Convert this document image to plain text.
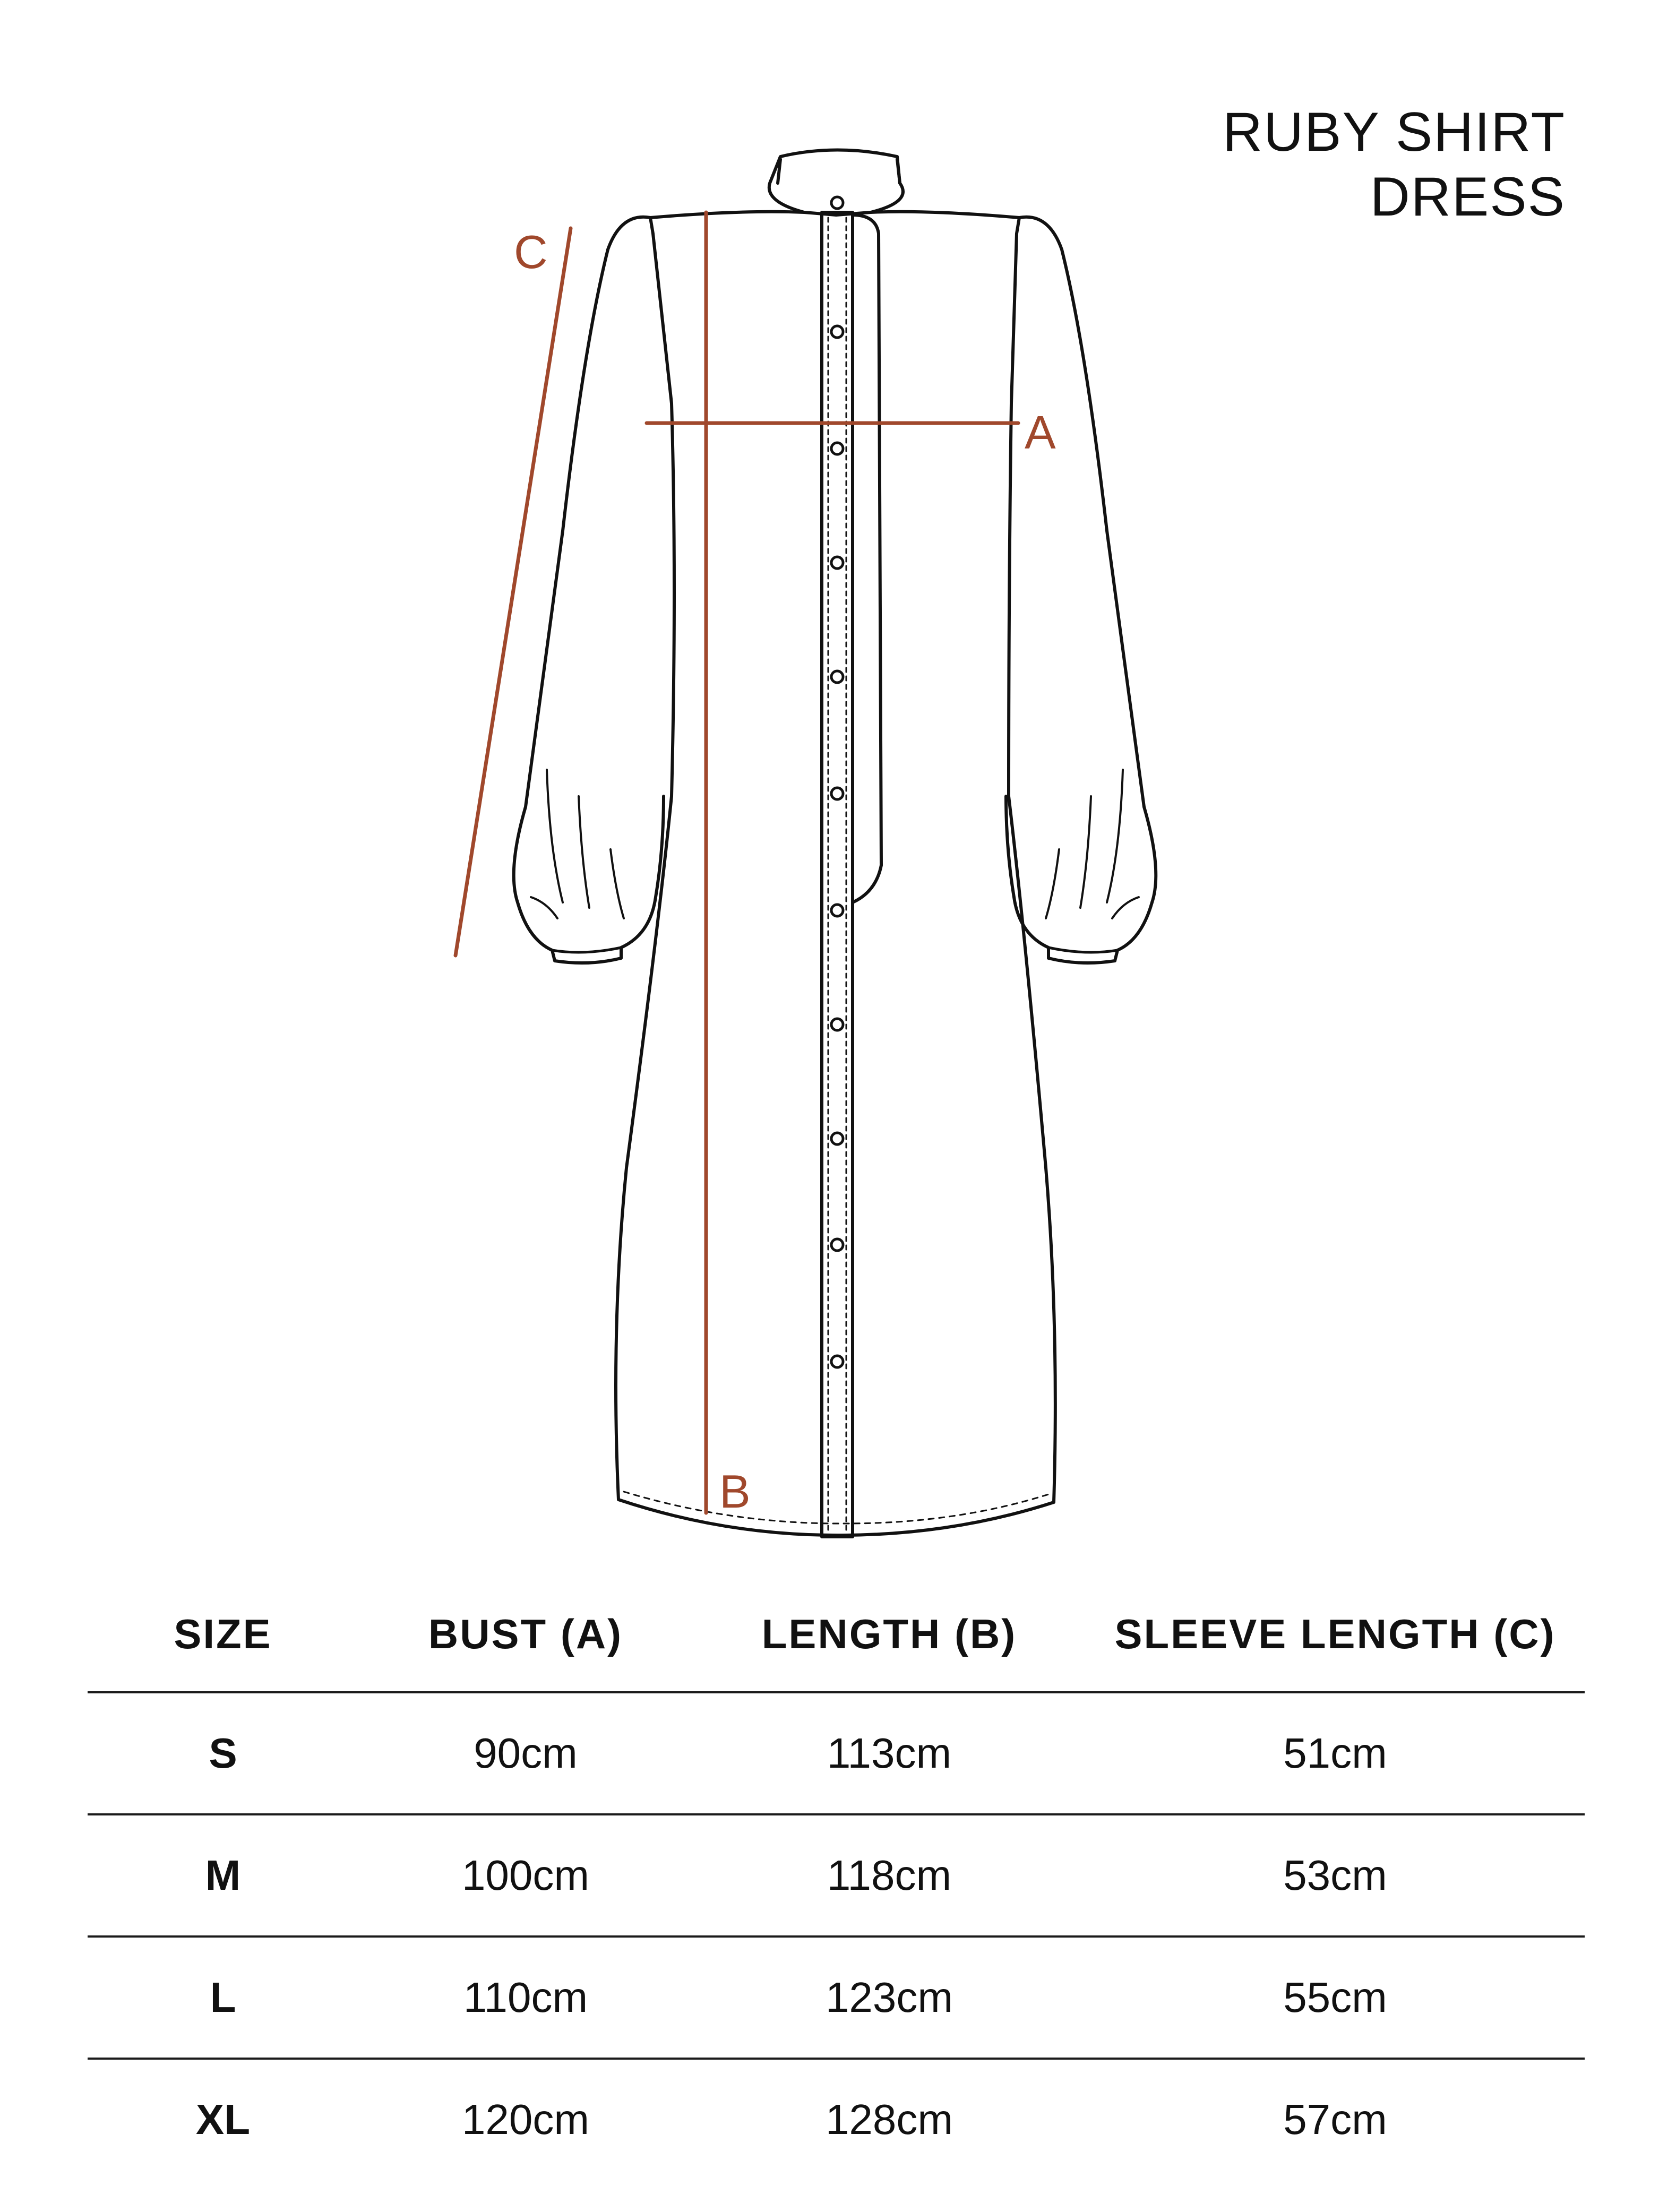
RUBY SHIRT
DRESS
A
B
C
SIZE	BUST (A)	LENGTH (B)	SLEEVE LENGTH (C)
S	90cm	113cm	51cm
M	100cm	118cm	53cm
L	110cm	123cm	55cm
XL	120cm	128cm	57cm
